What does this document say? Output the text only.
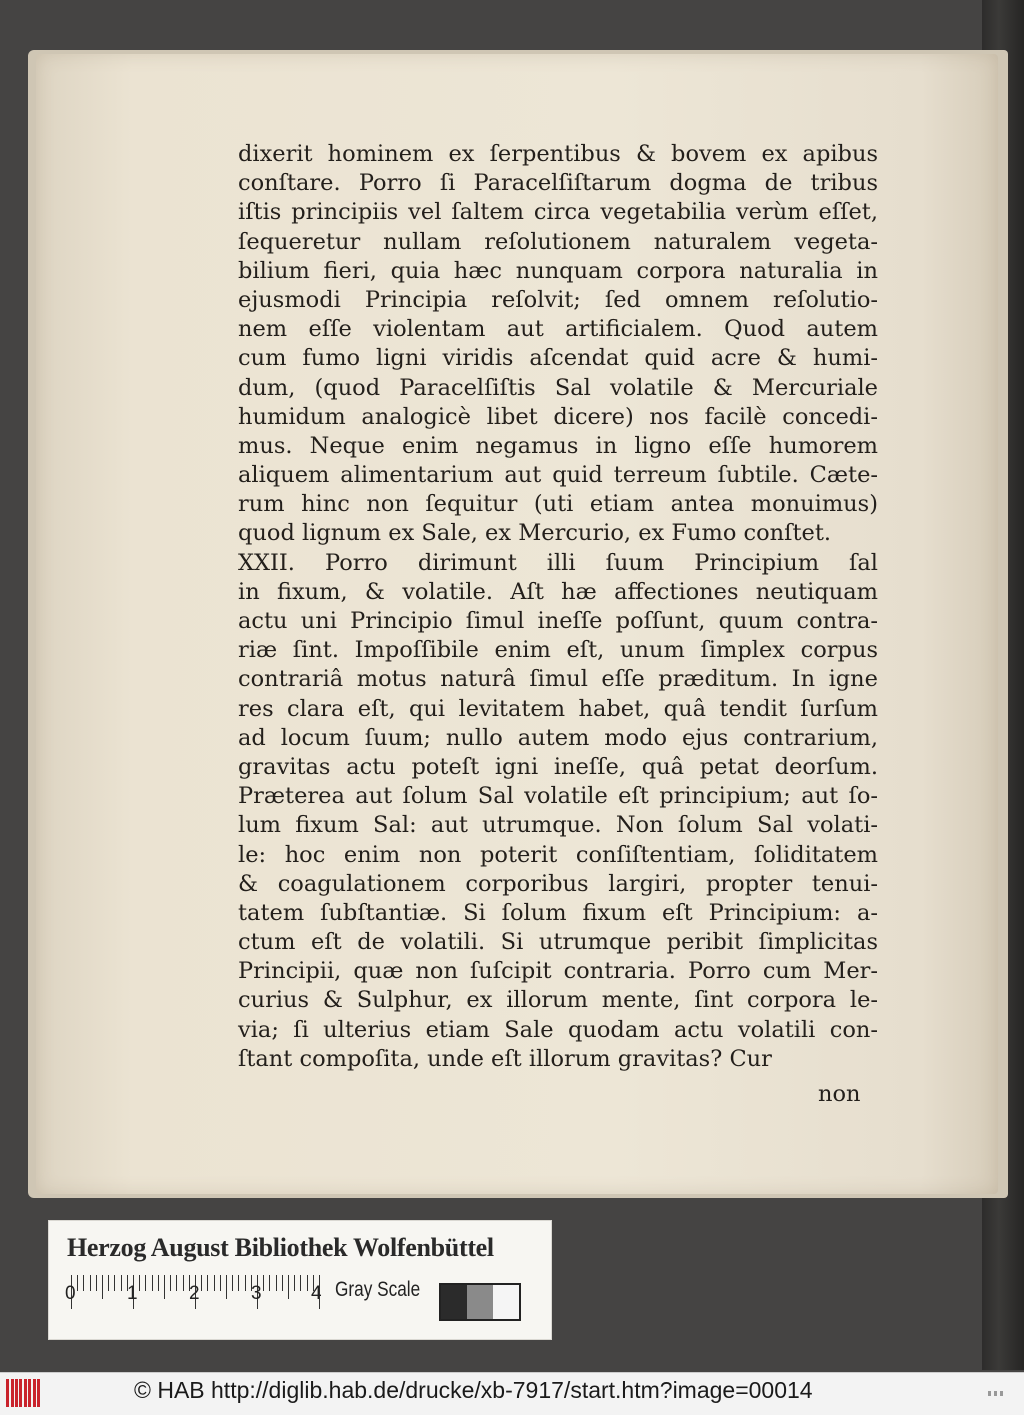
dixerit hominem ex ſerpentibus & bovem ex apibus
conſtare. Porro ſi Paracelſiſtarum dogma de tribus
iſtis principiis vel ſaltem circa vegetabilia verùm eſſet,
ſequeretur nullam reſolutionem naturalem vegeta-
bilium fieri, quia hæc nunquam corpora naturalia in
ejusmodi Principia reſolvit; ſed omnem reſolutio-
nem eſſe violentam aut artificialem. Quod autem
cum fumo ligni viridis aſcendat quid acre & humi-
dum, (quod Paracelſiſtis Sal volatile & Mercuriale
humidum analogicè libet dicere) nos facilè concedi-
mus. Neque enim negamus in ligno eſſe humorem
aliquem alimentarium aut quid terreum ſubtile. Cæte-
rum hinc non ſequitur (uti etiam antea monuimus)
quod lignum ex Sale, ex Mercurio, ex Fumo conſtet.
XXII. Porro dirimunt illi ſuum Principium ſal
in fixum, & volatile. Aſt hæ affectiones neutiquam
actu uni Principio ſimul ineſſe poſſunt, quum contra-
riæ ſint. Impoſſibile enim eſt, unum ſimplex corpus
contrariâ motus naturâ ſimul eſſe præditum. In igne
res clara eſt, qui levitatem habet, quâ tendit ſurſum
ad locum ſuum; nullo autem modo ejus contrarium,
gravitas actu poteſt igni ineſſe, quâ petat deorſum.
Præterea aut ſolum Sal volatile eſt principium; aut ſo-
lum fixum Sal: aut utrumque. Non ſolum Sal volati-
le: hoc enim non poterit conſiſtentiam, ſoliditatem
& coagulationem corporibus largiri, propter tenui-
tatem ſubſtantiæ. Si ſolum fixum eſt Principium: a-
ctum eſt de volatili. Si utrumque peribit ſimplicitas
Principii, quæ non ſuſcipit contraria. Porro cum Mer-
curius & Sulphur, ex illorum mente, ſint corpora le-
via; ſi ulterius etiam Sale quodam actu volatili con-
ſtant compoſita, unde eſt illorum gravitas? Cur
non
Herzog August Bibliothek Wolfenbüttel
0	1	2	3	4 Gray Scale
© HAB http://diglib.hab.de/drucke/xb-7917/start.htm?image=00014
